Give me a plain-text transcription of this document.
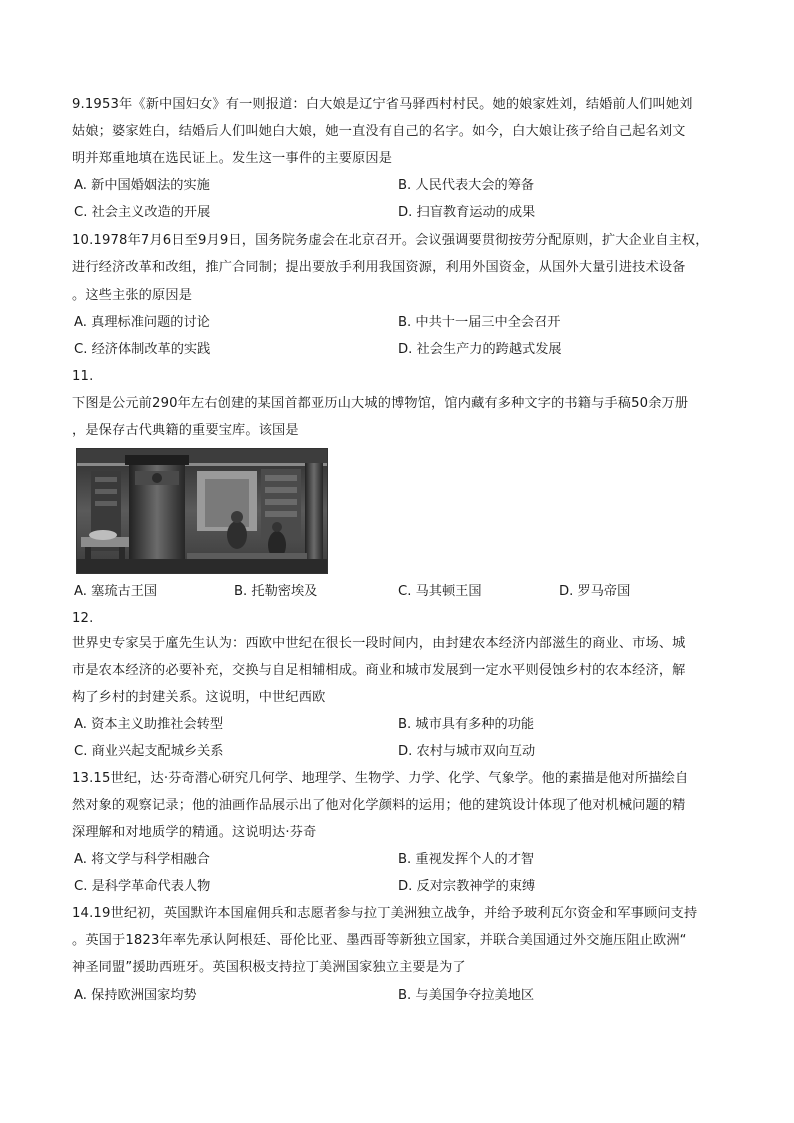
9.1953年《新中国妇女》有一则报道：白大娘是辽宁省马驿西村村民。她的娘家姓刘，结婚前人们叫她刘
姑娘；婆家姓白，结婚后人们叫她白大娘，她一直没有自己的名字。如今，白大娘让孩子给自己起名刘文
明并郑重地填在选民证上。发生这一事件的主要原因是
A. 新中国婚姻法的实施	B. 人民代表大会的筹备
C. 社会主义改造的开展	D. 扫盲教育运动的成果
10.1978年7月6日至9月9日，国务院务虚会在北京召开。会议强调要贯彻按劳分配原则，扩大企业自主权，
进行经济改革和改组，推广合同制；提出要放手利用我国资源，利用外国资金，从国外大量引进技术设备
。这些主张的原因是
A. 真理标准问题的讨论	B. 中共十一届三中全会召开
C. 经济体制改革的实践	D. 社会生产力的跨越式发展
11.
下图是公元前290年左右创建的某国首都亚历山大城的博物馆，馆内藏有多种文字的书籍与手稿50余万册
，是保存古代典籍的重要宝库。该国是
A. 塞琉古王国	B. 托勒密埃及	C. 马其顿王国	D. 罗马帝国
12.
世界史专家吴于廑先生认为：西欧中世纪在很长一段时间内，由封建农本经济内部滋生的商业、市场、城
市是农本经济的必要补充，交换与自足相辅相成。商业和城市发展到一定水平则侵蚀乡村的农本经济，解
构了乡村的封建关系。这说明，中世纪西欧
A. 资本主义助推社会转型	B. 城市具有多种的功能
C. 商业兴起支配城乡关系	D. 农村与城市双向互动
13.15世纪，达·芬奇潜心研究几何学、地理学、生物学、力学、化学、气象学。他的素描是他对所描绘自
然对象的观察记录；他的油画作品展示出了他对化学颜料的运用；他的建筑设计体现了他对机械问题的精
深理解和对地质学的精通。这说明达·芬奇
A. 将文学与科学相融合	B. 重视发挥个人的才智
C. 是科学革命代表人物	D. 反对宗教神学的束缚
14.19世纪初，英国默许本国雇佣兵和志愿者参与拉丁美洲独立战争，并给予玻利瓦尔资金和军事顾问支持
。英国于1823年率先承认阿根廷、哥伦比亚、墨西哥等新独立国家，并联合美国通过外交施压阻止欧洲“
神圣同盟”援助西班牙。英国积极支持拉丁美洲国家独立主要是为了
A. 保持欧洲国家均势	B. 与美国争夺拉美地区
